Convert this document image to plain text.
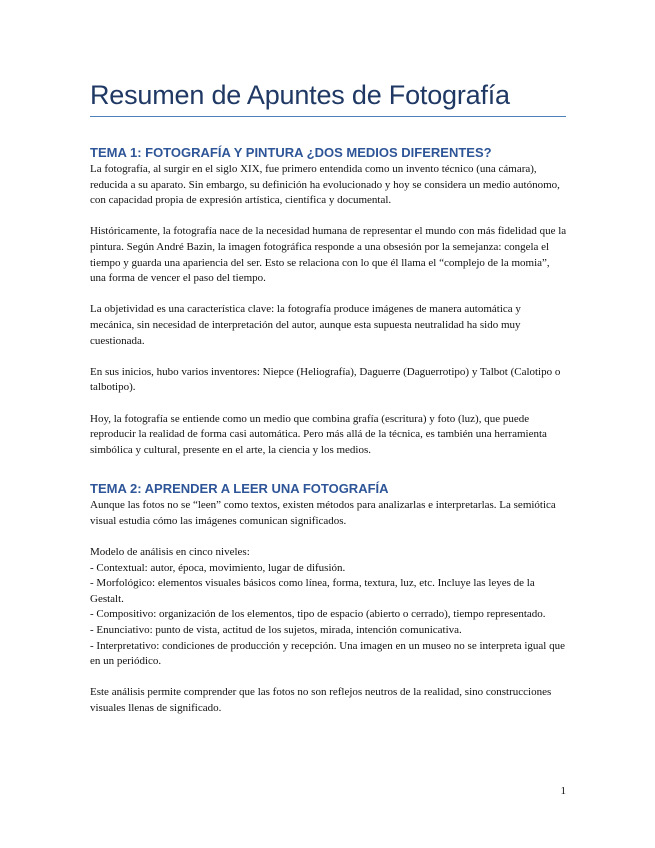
Resumen de Apuntes de Fotografía
TEMA 1: FOTOGRAFÍA Y PINTURA ¿DOS MEDIOS DIFERENTES?

La fotografía, al surgir en el siglo XIX, fue primero entendida como un invento técnico (una cámara), reducida a su aparato. Sin embargo, su definición ha evolucionado y hoy se considera un medio autónomo, con capacidad propia de expresión artística, científica y documental.

Históricamente, la fotografía nace de la necesidad humana de representar el mundo con más fidelidad que la pintura. Según André Bazin, la imagen fotográfica responde a una obsesión por la semejanza: congela el tiempo y guarda una apariencia del ser. Esto se relaciona con lo que él llama el “complejo de la momia”, una forma de vencer el paso del tiempo.

La objetividad es una característica clave: la fotografía produce imágenes de manera automática y mecánica, sin necesidad de interpretación del autor, aunque esta supuesta neutralidad ha sido muy cuestionada.

En sus inicios, hubo varios inventores: Niepce (Heliografía), Daguerre (Daguerrotipo) y Talbot (Calotipo o talbotipo).

Hoy, la fotografía se entiende como un medio que combina grafía (escritura) y foto (luz), que puede reproducir la realidad de forma casi automática. Pero más allá de la técnica, es también una herramienta simbólica y cultural, presente en el arte, la ciencia y los medios.

TEMA 2: APRENDER A LEER UNA FOTOGRAFÍA

Aunque las fotos no se “leen” como textos, existen métodos para analizarlas e interpretarlas. La semiótica visual estudia cómo las imágenes comunican significados.

Modelo de análisis en cinco niveles:

- Contextual: autor, época, movimiento, lugar de difusión.

- Morfológico: elementos visuales básicos como línea, forma, textura, luz, etc. Incluye las leyes de la Gestalt.

- Compositivo: organización de los elementos, tipo de espacio (abierto o cerrado), tiempo representado.

- Enunciativo: punto de vista, actitud de los sujetos, mirada, intención comunicativa.

- Interpretativo: condiciones de producción y recepción. Una imagen en un museo no se interpreta igual que en un periódico.

Este análisis permite comprender que las fotos no son reflejos neutros de la realidad, sino construcciones visuales llenas de significado.

1
